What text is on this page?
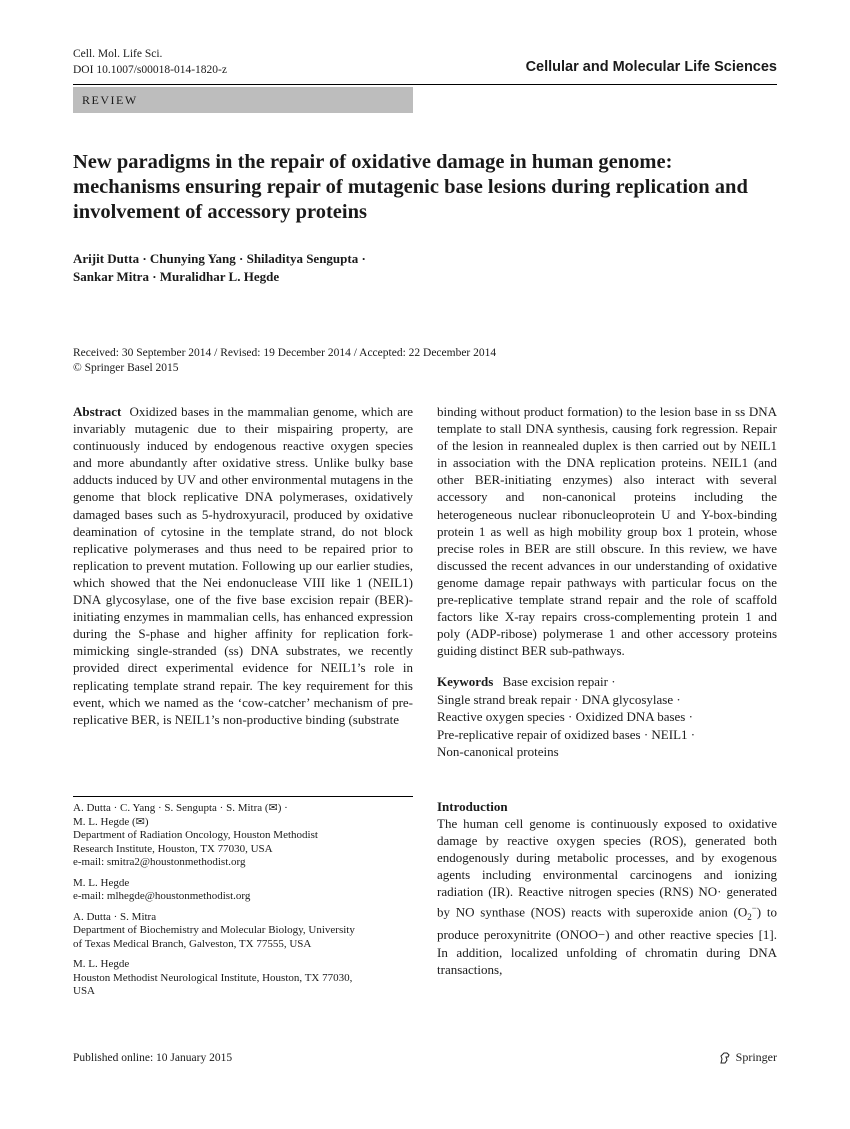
Cell. Mol. Life Sci.
DOI 10.1007/s00018-014-1820-z	Cellular and Molecular Life Sciences
REVIEW
New paradigms in the repair of oxidative damage in human genome: mechanisms ensuring repair of mutagenic base lesions during replication and involvement of accessory proteins
Arijit Dutta · Chunying Yang · Shiladitya Sengupta ·
Sankar Mitra · Muralidhar L. Hegde
Received: 30 September 2014 / Revised: 19 December 2014 / Accepted: 22 December 2014
© Springer Basel 2015

Abstract Oxidized bases in the mammalian genome, which are invariably mutagenic due to their mispairing property, are continuously induced by endogenous reactive oxygen species and more abundantly after oxidative stress. Unlike bulky base adducts induced by UV and other environmental mutagens in the genome that block replicative DNA polymerases, oxidatively damaged bases such as 5-hydroxyuracil, produced by oxidative deamination of cytosine in the template strand, do not block replicative polymerases and thus need to be repaired prior to replication to prevent mutation. Following up our earlier studies, which showed that the Nei endonuclease VIII like 1 (NEIL1) DNA glycosylase, one of the five base excision repair (BER)-initiating enzymes in mammalian cells, has enhanced expression during the S-phase and higher affinity for replication fork-mimicking single-stranded (ss) DNA substrates, we recently provided direct experimental evidence for NEIL1’s role in replicating template strand repair. The key requirement for this event, which we named as the ‘cow-catcher’ mechanism of pre-replicative BER, is NEIL1’s non-productive binding (substrate

A. Dutta · C. Yang · S. Sengupta · S. Mitra (✉) ·
M. L. Hegde (✉)
Department of Radiation Oncology, Houston Methodist
Research Institute, Houston, TX 77030, USA
e-mail: smitra2@houstonmethodist.org
M. L. Hegde
e-mail: mlhegde@houstonmethodist.org
A. Dutta · S. Mitra
Department of Biochemistry and Molecular Biology, University
of Texas Medical Branch, Galveston, TX 77555, USA
M. L. Hegde
Houston Methodist Neurological Institute, Houston, TX 77030,
USA

binding without product formation) to the lesion base in ss DNA template to stall DNA synthesis, causing fork regression. Repair of the lesion in reannealed duplex is then carried out by NEIL1 in association with the DNA replication proteins. NEIL1 (and other BER-initiating enzymes) also interact with several accessory and non-canonical proteins including the heterogeneous nuclear ribonucleoprotein U and Y-box-binding protein 1 as well as high mobility group box 1 protein, whose precise roles in BER are still obscure. In this review, we have discussed the recent advances in our understanding of oxidative genome damage repair pathways with particular focus on the pre-replicative template strand repair and the role of scaffold factors like X-ray repairs cross-complementing protein 1 and poly (ADP-ribose) polymerase 1 and other accessory proteins guiding distinct BER sub-pathways.

Keywords Base excision repair ·
Single strand break repair · DNA glycosylase ·
Reactive oxygen species · Oxidized DNA bases ·
Pre-replicative repair of oxidized bases · NEIL1 ·
Non-canonical proteins
Introduction

The human cell genome is continuously exposed to oxidative damage by reactive oxygen species (ROS), generated both endogenously during metabolic processes, and by exogenous agents including environmental carcinogens and ionizing radiation (IR). Reactive nitrogen species (RNS) NO· generated by NO synthase (NOS) reacts with superoxide anion $(O_2^-)$ to produce peroxynitrite (ONOO−) and other reactive species [1]. In addition, localized unfolding of chromatin during DNA transactions,

Published online: 10 January 2015	Springer
